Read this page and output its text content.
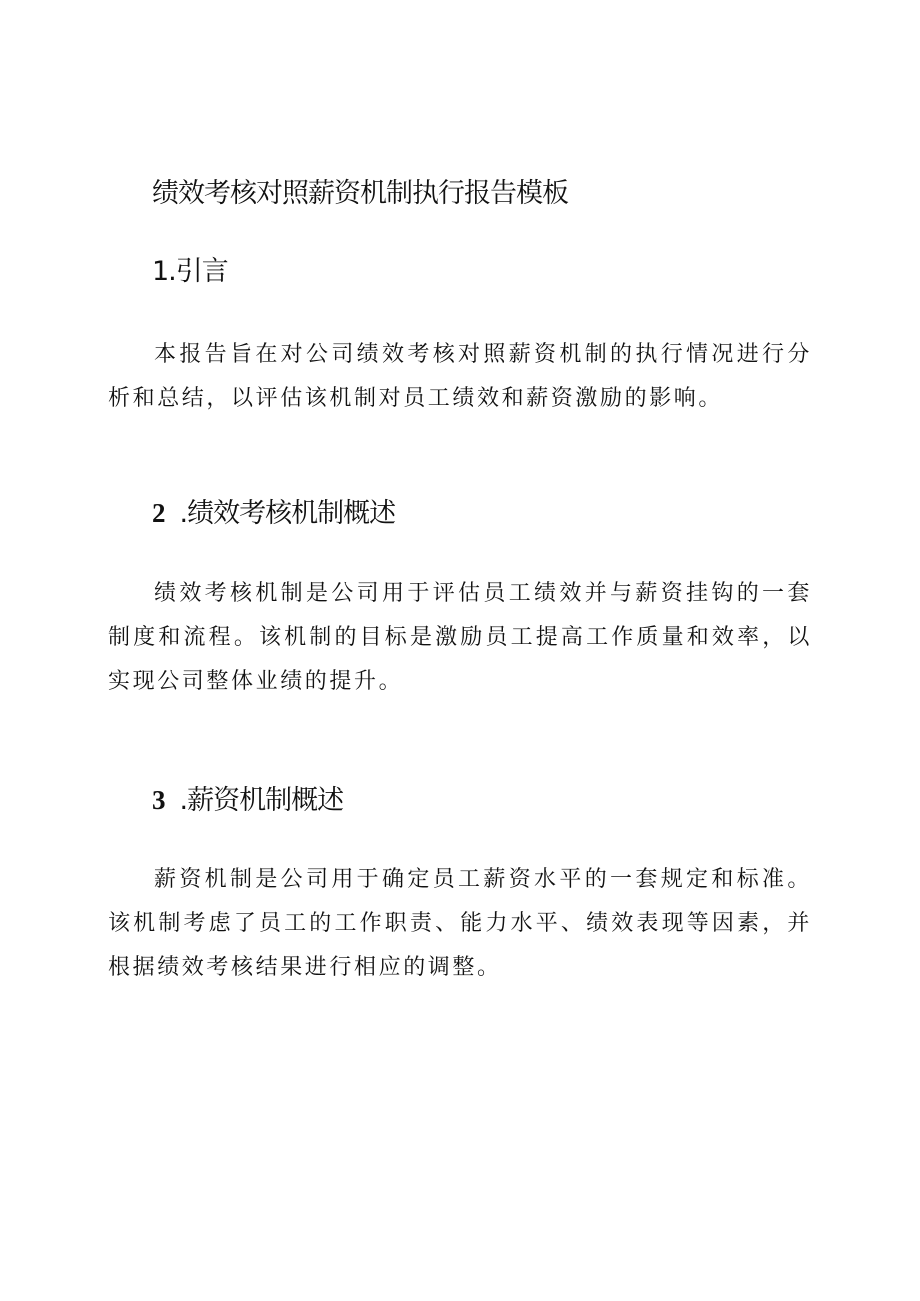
绩效考核对照薪资机制执行报告模板
1.引言

本报告旨在对公司绩效考核对照薪资机制的执行情况进行分析和总结，以评估该机制对员工绩效和薪资激励的影响。

2 .绩效考核机制概述

绩效考核机制是公司用于评估员工绩效并与薪资挂钩的一套制度和流程。该机制的目标是激励员工提高工作质量和效率，以实现公司整体业绩的提升。

3 .薪资机制概述

薪资机制是公司用于确定员工薪资水平的一套规定和标准。该机制考虑了员工的工作职责、能力水平、绩效表现等因素，并根据绩效考核结果进行相应的调整。
